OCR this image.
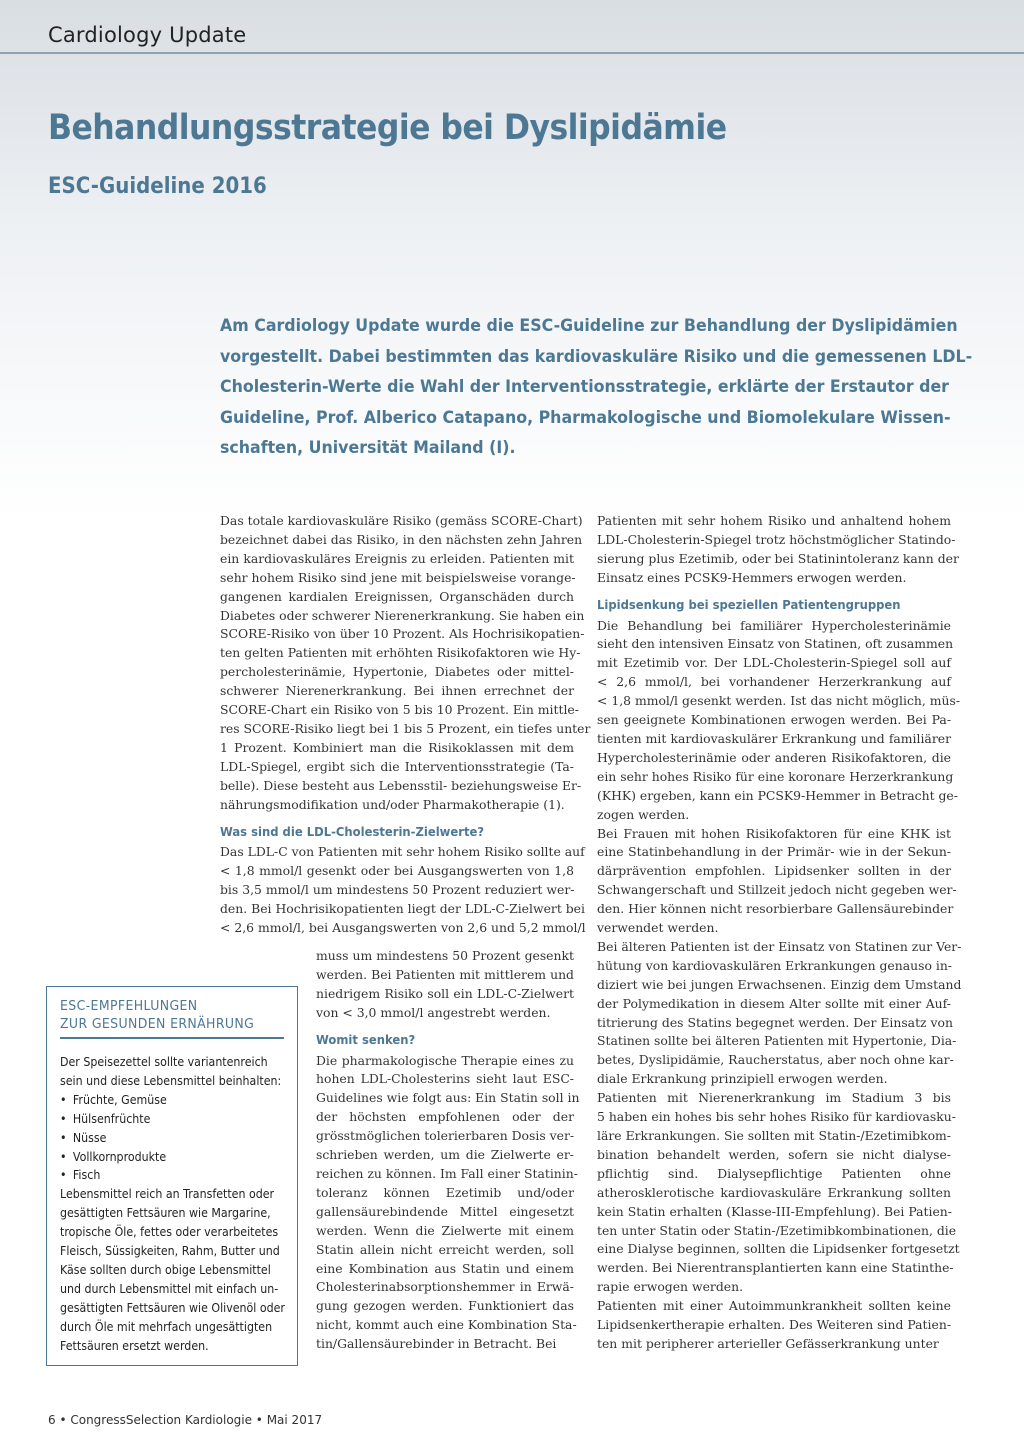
Cardiology Update
Behandlungsstrategie bei Dyslipidämie
ESC-Guideline 2016
Am Cardiology Update wurde die ESC-Guideline zur Behandlung der Dyslipidämien
vorgestellt. Dabei bestimmten das kardiovaskuläre Risiko und die gemessenen LDL-
Cholesterin-Werte die Wahl der Interventionsstrategie, erklärte der Erstautor der
Guideline, Prof. Alberico Catapano, Pharmakologische und Biomolekulare Wissen-
schaften, Universität Mailand (I).
Das totale kardiovaskuläre Risiko (gemäss SCORE-Chart)
bezeichnet dabei das Risiko, in den nächsten zehn Jahren
ein kardiovaskuläres Ereignis zu erleiden. Patienten mit
sehr hohem Risiko sind jene mit beispielsweise vorange-
gangenen kardialen Ereignissen, Organschäden durch
Diabetes oder schwerer Nierenerkrankung. Sie haben ein
SCORE-Risiko von über 10 Prozent. Als Hochrisikopatien-
ten gelten Patienten mit erhöhten Risikofaktoren wie Hy-
percholesterinämie, Hypertonie, Diabetes oder mittel-
schwerer Nierenerkrankung. Bei ihnen errechnet der
SCORE-Chart ein Risiko von 5 bis 10 Prozent. Ein mittle-
res SCORE-Risiko liegt bei 1 bis 5 Prozent, ein tiefes unter
1 Prozent. Kombiniert man die Risikoklassen mit dem
LDL-Spiegel, ergibt sich die Interventionsstrategie (Ta-
belle). Diese besteht aus Lebensstil- beziehungsweise Er-
nährungsmodifikation und/oder Pharmakotherapie (1).
Was sind die LDL-Cholesterin-Zielwerte?
Das LDL-C von Patienten mit sehr hohem Risiko sollte auf
< 1,8 mmol/l gesenkt oder bei Ausgangswerten von 1,8
bis 3,5 mmol/l um mindestens 50 Prozent reduziert wer-
den. Bei Hochrisikopatienten liegt der LDL-C-Zielwert bei
< 2,6 mmol/l, bei Ausgangswerten von 2,6 und 5,2 mmol/l
muss um mindestens 50 Prozent gesenkt
werden. Bei Patienten mit mittlerem und
niedrigem Risiko soll ein LDL-C-Zielwert
von < 3,0 mmol/l angestrebt werden.
Womit senken?
Die pharmakologische Therapie eines zu
hohen LDL-Cholesterins sieht laut ESC-
Guidelines wie folgt aus: Ein Statin soll in
der höchsten empfohlenen oder der
grösstmöglichen tolerierbaren Dosis ver-
schrieben werden, um die Zielwerte er-
reichen zu können. Im Fall einer Statinin-
toleranz können Ezetimib und/oder
gallensäurebindende Mittel eingesetzt
werden. Wenn die Zielwerte mit einem
Statin allein nicht erreicht werden, soll
eine Kombination aus Statin und einem
Cholesterinabsorptionshemmer in Erwä-
gung gezogen werden. Funktioniert das
nicht, kommt auch eine Kombination Sta-
tin/Gallensäurebinder in Betracht. Bei
Patienten mit sehr hohem Risiko und anhaltend hohem
LDL-Cholesterin-Spiegel trotz höchstmöglicher Statindo-
sierung plus Ezetimib, oder bei Statinintoleranz kann der
Einsatz eines PCSK9-Hemmers erwogen werden.
Lipidsenkung bei speziellen Patientengruppen
Die Behandlung bei familiärer Hypercholesterinämie
sieht den intensiven Einsatz von Statinen, oft zusammen
mit Ezetimib vor. Der LDL-Cholesterin-Spiegel soll auf
< 2,6 mmol/l, bei vorhandener Herzerkrankung auf
< 1,8 mmol/l gesenkt werden. Ist das nicht möglich, müs-
sen geeignete Kombinationen erwogen werden. Bei Pa-
tienten mit kardiovaskulärer Erkrankung und familiärer
Hypercholesterinämie oder anderen Risikofaktoren, die
ein sehr hohes Risiko für eine koronare Herzerkrankung
(KHK) ergeben, kann ein PCSK9-Hemmer in Betracht ge-
zogen werden.
Bei Frauen mit hohen Risikofaktoren für eine KHK ist
eine Statinbehandlung in der Primär- wie in der Sekun-
därprävention empfohlen. Lipidsenker sollten in der
Schwangerschaft und Stillzeit jedoch nicht gegeben wer-
den. Hier können nicht resorbierbare Gallensäurebinder
verwendet werden.
Bei älteren Patienten ist der Einsatz von Statinen zur Ver-
hütung von kardiovaskulären Erkrankungen genauso in-
diziert wie bei jungen Erwachsenen. Einzig dem Umstand
der Polymedikation in diesem Alter sollte mit einer Auf-
titrierung des Statins begegnet werden. Der Einsatz von
Statinen sollte bei älteren Patienten mit Hypertonie, Dia-
betes, Dyslipidämie, Raucherstatus, aber noch ohne kar-
diale Erkrankung prinzipiell erwogen werden.
Patienten mit Nierenerkrankung im Stadium 3 bis
5 haben ein hohes bis sehr hohes Risiko für kardiovasku-
läre Erkrankungen. Sie sollten mit Statin-/Ezetimibkom-
bination behandelt werden, sofern sie nicht dialyse-
pflichtig sind. Dialysepflichtige Patienten ohne
atherosklerotische kardiovaskuläre Erkrankung sollten
kein Statin erhalten (Klasse-III-Empfehlung). Bei Patien-
ten unter Statin oder Statin-/Ezetimibkombinationen, die
eine Dialyse beginnen, sollten die Lipidsenker fortgesetzt
werden. Bei Nierentransplantierten kann eine Statinthe-
rapie erwogen werden.
Patienten mit einer Autoimmunkrankheit sollten keine
Lipidsenkertherapie erhalten. Des Weiteren sind Patien-
ten mit peripherer arterieller Gefässerkrankung unter
ESC-EMPFEHLUNGEN
ZUR GESUNDEN ERNÄHRUNG
Der Speisezettel sollte variantenreich
sein und diese Lebensmittel beinhalten:
• Früchte, Gemüse
• Hülsenfrüchte
• Nüsse
• Vollkornprodukte
• Fisch
Lebensmittel reich an Transfetten oder
gesättigten Fettsäuren wie Margarine,
tropische Öle, fettes oder verarbeitetes
Fleisch, Süssigkeiten, Rahm, Butter und
Käse sollten durch obige Lebensmittel
und durch Lebensmittel mit einfach un-
gesättigten Fettsäuren wie Olivenöl oder
durch Öle mit mehrfach ungesättigten
Fettsäuren ersetzt werden.
6 • CongressSelection Kardiologie • Mai 2017
